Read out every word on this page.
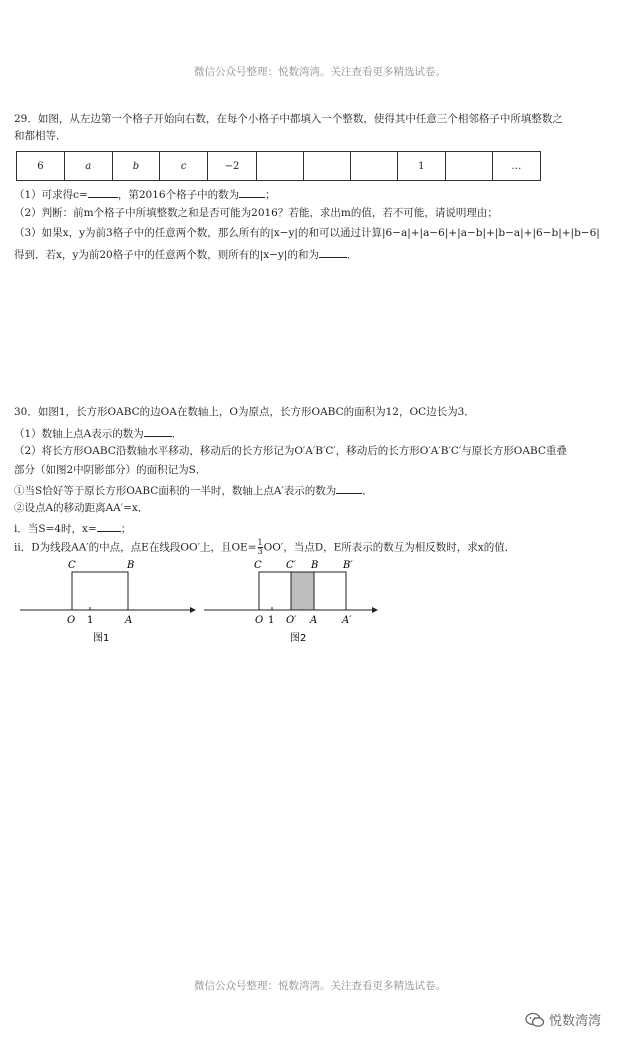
微信公众号整理：悦数湾湾。关注查看更多精选试卷。
29．如图，从左边第一个格子开始向右数，在每个小格子中都填入一个整数，使得其中任意三个相邻格子中所填整数之
和都相等．
6	a	b	c	−2				1		…
（1）可求得c=	，第2016个格子中的数为 ；
（2）判断：前m个格子中所填整数之和是否可能为2016？若能，求出m的值，若不可能，请说明理由；
（3）如果x，y为前3格子中的任意两个数，那么所有的|x−y|的和可以通过计算|6−a|+|a−6|+|a−b|+|b−a|+|6−b|+|b−6|
得到．若x，y为前20格子中的任意两个数，则所有的|x−y|的和为	．
30．如图1，长方形OABC的边OA在数轴上，O为原点，长方形OABC的面积为12，OC边长为3．
（1）数轴上点A表示的数为	．
（2）将长方形OABC沿数轴水平移动，移动后的长方形记为O′A′B′C′，移动后的长方形O′A′B′C′与原长方形OABC重叠
部分（如图2中阴影部分）的面积记为S．
①当S恰好等于原长方形OABC面积的一半时，数轴上点A′表示的数为 ．
②设点A的移动距离AA′=x．
ⅰ．当S=4时，x= ；
ⅱ．D为线段AA′的中点，点E在线段OO′上，且$OE= \frac{1}{3} OO'$，当点D，E所表示的数互为相反数时，求x的值．
C	B
O 1	A
图1
C C′ B B′
O 1 O′ A A′
图2
微信公众号整理：悦数湾湾。关注查看更多精选试卷。
悦数湾湾
